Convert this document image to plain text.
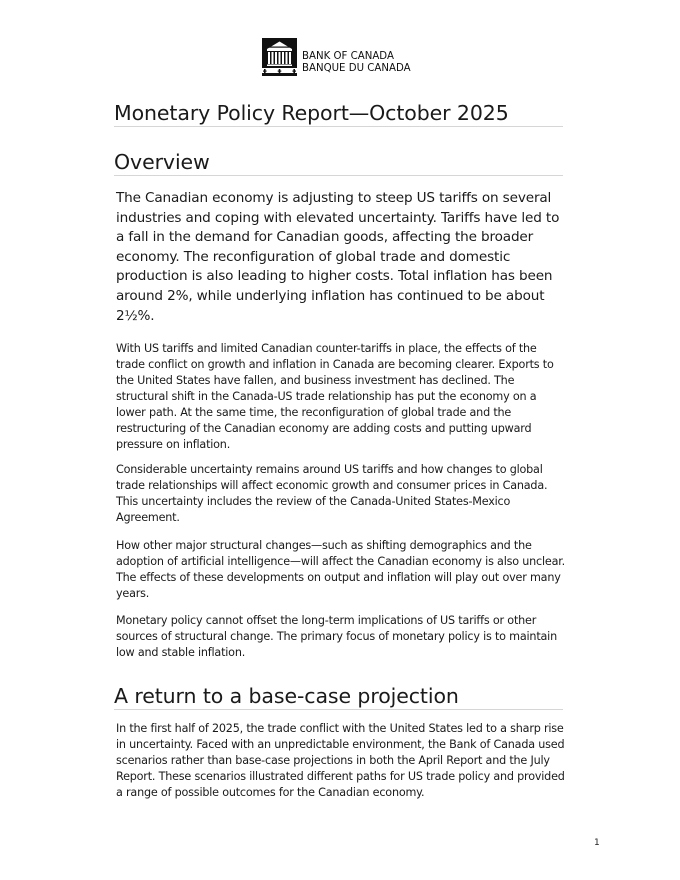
BANK OF CANADA
BANQUE DU CANADA
Monetary Policy Report—October 2025
Overview

The Canadian economy is adjusting to steep US tariffs on several industries and coping with elevated uncertainty. Tariffs have led to a fall in the demand for Canadian goods, affecting the broader economy. The reconfiguration of global trade and domestic production is also leading to higher costs. Total inflation has been around 2%, while underlying inflation has continued to be about 2½%.

With US tariffs and limited Canadian counter-tariffs in place, the effects of the trade conflict on growth and inflation in Canada are becoming clearer. Exports to the United States have fallen, and business investment has declined. The structural shift in the Canada-US trade relationship has put the economy on a lower path. At the same time, the reconfiguration of global trade and the restructuring of the Canadian economy are adding costs and putting upward pressure on inflation.

Considerable uncertainty remains around US tariffs and how changes to global trade relationships will affect economic growth and consumer prices in Canada. This uncertainty includes the review of the Canada-United States-Mexico Agreement.

How other major structural changes—such as shifting demographics and the adoption of artificial intelligence—will affect the Canadian economy is also unclear. The effects of these developments on output and inflation will play out over many years.

Monetary policy cannot offset the long-term implications of US tariffs or other sources of structural change. The primary focus of monetary policy is to maintain low and stable inflation.

A return to a base-case projection

In the first half of 2025, the trade conflict with the United States led to a sharp rise in uncertainty. Faced with an unpredictable environment, the Bank of Canada used scenarios rather than base-case projections in both the April Report and the July Report. These scenarios illustrated different paths for US trade policy and provided a range of possible outcomes for the Canadian economy.

1
